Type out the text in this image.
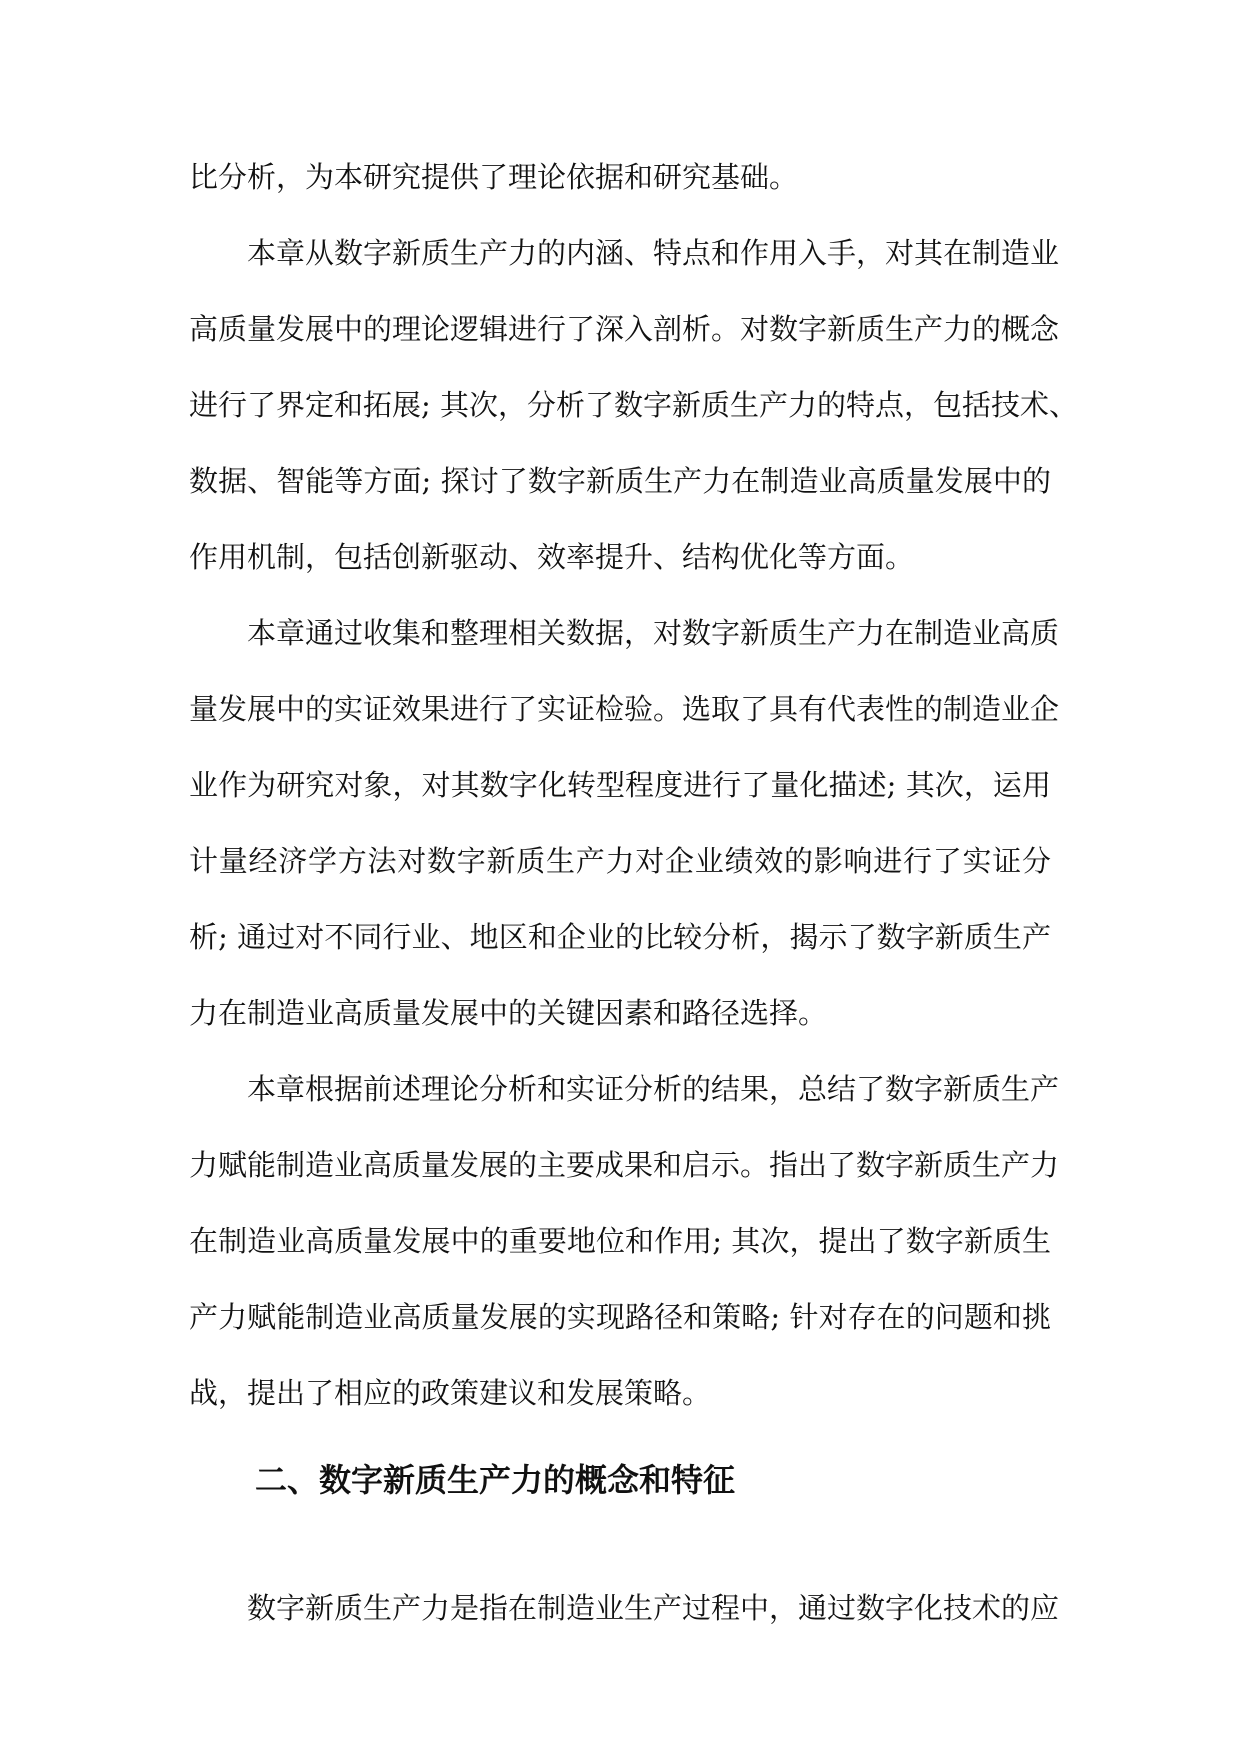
比分析，为本研究提供了理论依据和研究基础。
本章从数字新质生产力的内涵、特点和作用入手，对其在制造业
高质量发展中的理论逻辑进行了深入剖析。对数字新质生产力的概念
进行了界定和拓展; 其次，分析了数字新质生产力的特点，包括技术、
数据、智能等方面; 探讨了数字新质生产力在制造业高质量发展中的
作用机制，包括创新驱动、效率提升、结构优化等方面。
本章通过收集和整理相关数据，对数字新质生产力在制造业高质
量发展中的实证效果进行了实证检验。选取了具有代表性的制造业企
业作为研究对象，对其数字化转型程度进行了量化描述; 其次，运用
计量经济学方法对数字新质生产力对企业绩效的影响进行了实证分
析; 通过对不同行业、地区和企业的比较分析，揭示了数字新质生产
力在制造业高质量发展中的关键因素和路径选择。
本章根据前述理论分析和实证分析的结果，总结了数字新质生产
力赋能制造业高质量发展的主要成果和启示。指出了数字新质生产力
在制造业高质量发展中的重要地位和作用; 其次，提出了数字新质生
产力赋能制造业高质量发展的实现路径和策略; 针对存在的问题和挑
战，提出了相应的政策建议和发展策略。
二、数字新质生产力的概念和特征
数字新质生产力是指在制造业生产过程中，通过数字化技术的应
